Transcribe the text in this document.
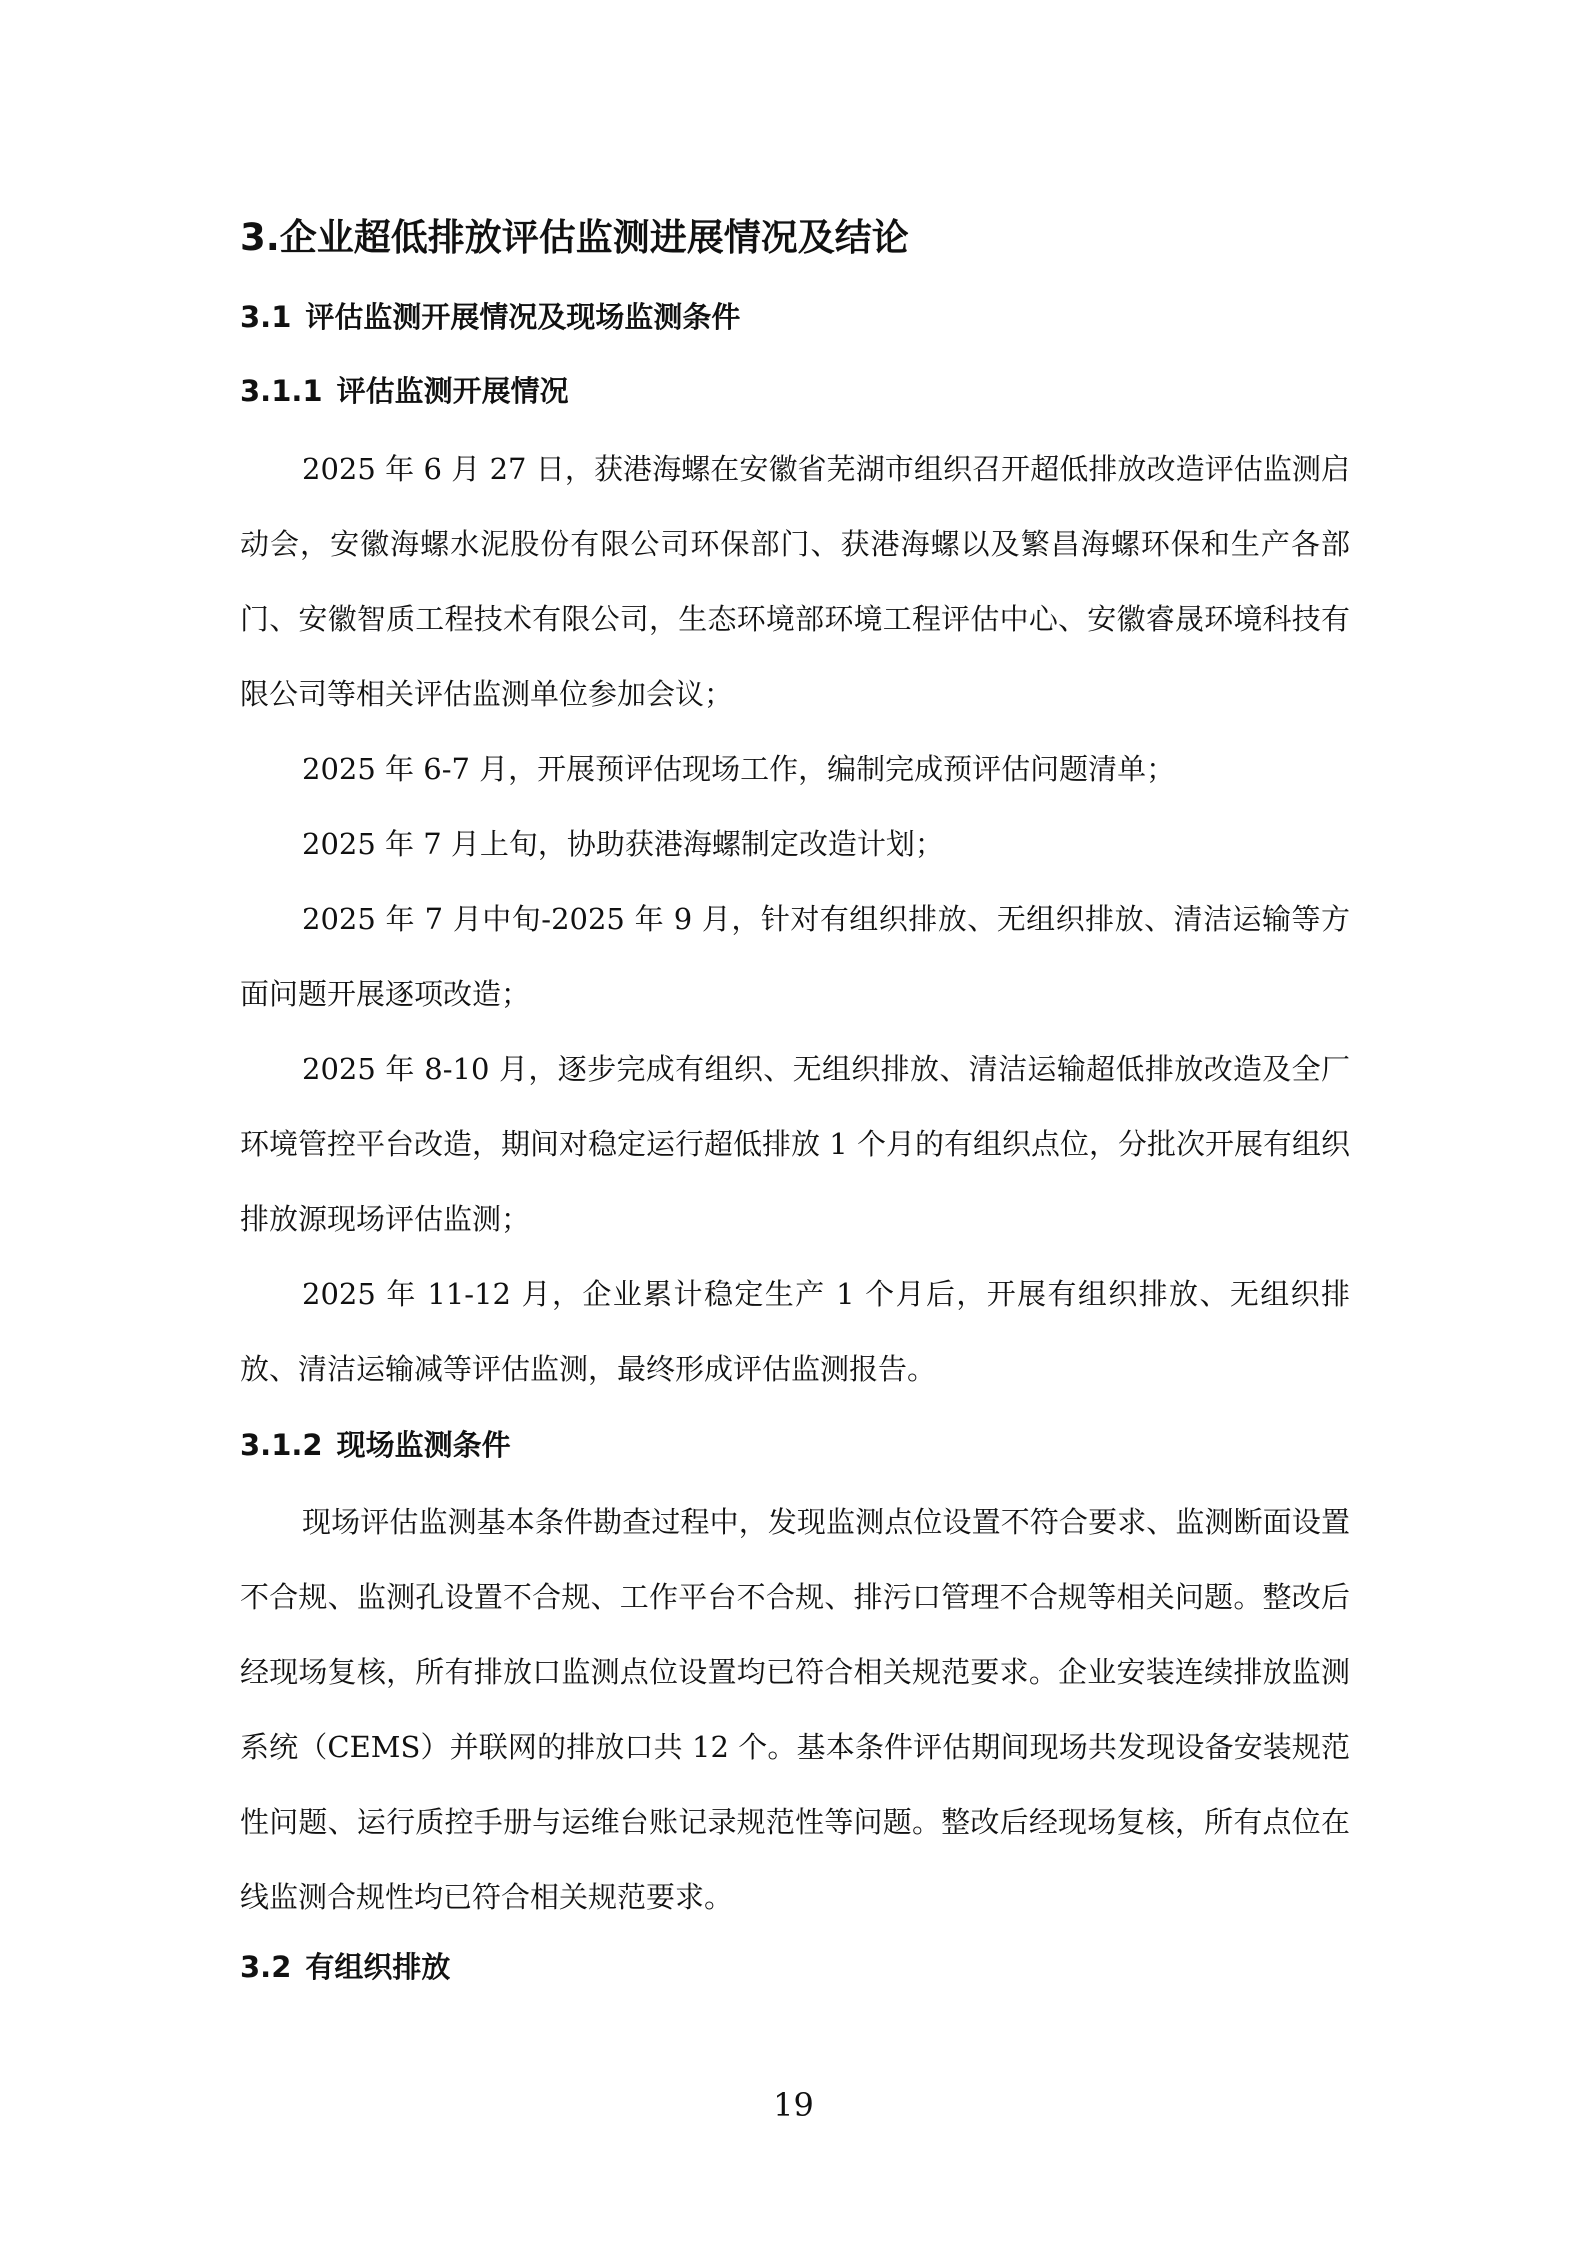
3.企业超低排放评估监测进展情况及结论
3.1 评估监测开展情况及现场监测条件
3.1.1 评估监测开展情况

2025 年 6 月 27 日，获港海螺在安徽省芜湖市组织召开超低排放改造评估监测启动会，安徽海螺水泥股份有限公司环保部门、获港海螺以及繁昌海螺环保和生产各部门、安徽智质工程技术有限公司，生态环境部环境工程评估中心、安徽睿晟环境科技有限公司等相关评估监测单位参加会议；

2025 年 6-7 月，开展预评估现场工作，编制完成预评估问题清单；

2025 年 7 月上旬，协助获港海螺制定改造计划；

2025 年 7 月中旬-2025 年 9 月，针对有组织排放、无组织排放、清洁运输等方面问题开展逐项改造；

2025 年 8-10 月，逐步完成有组织、无组织排放、清洁运输超低排放改造及全厂环境管控平台改造，期间对稳定运行超低排放 1 个月的有组织点位，分批次开展有组织排放源现场评估监测；

2025 年 11-12 月，企业累计稳定生产 1 个月后，开展有组织排放、无组织排放、清洁运输减等评估监测，最终形成评估监测报告。

3.1.2 现场监测条件

现场评估监测基本条件勘查过程中，发现监测点位设置不符合要求、监测断面设置不合规、监测孔设置不合规、工作平台不合规、排污口管理不合规等相关问题。整改后经现场复核，所有排放口监测点位设置均已符合相关规范要求。企业安装连续排放监测系统（CEMS）并联网的排放口共 12 个。基本条件评估期间现场共发现设备安装规范性问题、运行质控手册与运维台账记录规范性等问题。整改后经现场复核，所有点位在线监测合规性均已符合相关规范要求。

3.2 有组织排放
19
